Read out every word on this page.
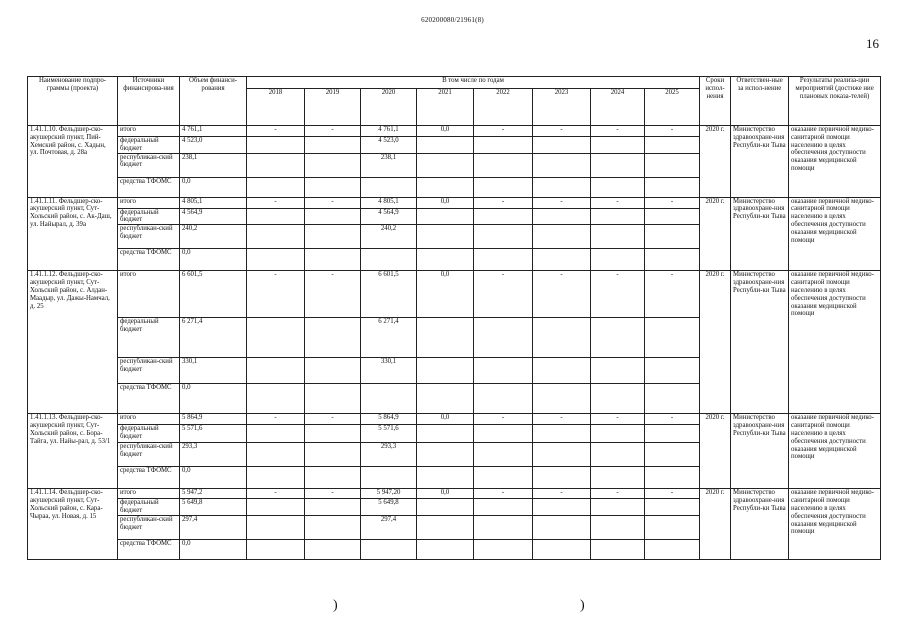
620200080/21961(8)
16
Наименование подпро-граммы (проекта)	Источники финансирова-ния	Объем финанси-рования	В том числе по годам								Сроки испол-нения	Ответствен-ные за испол-нение	Результаты реализа-ции мероприятий (достиже ние плановых показа-телей)
			2018	2019	2020	2021	2022	2023	2024	2025			
1.41.1.10. Фельдшер-ско-акушерский пункт, Пий-Хемский район, с. Хадын, ул. Почтовая, д. 28а	итого	4 761,1	-	-	4 761,1	0,0	-	-	-	-	2020 г.	Министерство здравоохране-ния Республи-ки Тыва	оказание первичной медико-санитарной помощи населению в целях обеспечения доступности оказания медицинской помощи
	федеральный бюджет	4 523,0			4 523,0								
	республикан-ский бюджет	238,1			238,1								
	средства ТФОМС	0,0											
1.41.1.11. Фельдшер-ско-акушерский пункт, Сут-Хольский район, с. Ак-Даш, ул. Найырал, д. 39а	итого	4 805,1	-	-	4 805,1	0,0	-	-	-	-	2020 г.	Министерство здравоохране-ния Республи-ки Тыва	оказание первичной медико-санитарной помощи населению в целях обеспечения доступности оказания медицинской помощи
	федеральный бюджет	4 564,9			4 564,9								
	республикан-ский бюджет	240,2			240,2								
	средства ТФОМС	0,0											
1.41.1.12. Фельдшер-ско-акушерский пункт, Сут-Хольский район, с. Алдан-Маадыр, ул. Дажы-Намчал, д. 25	итого	6 601,5	-	-	6 601,5	0,0	-	-	-	-	2020 г.	Министерство здравоохране-ния Республи-ки Тыва	оказание первичной медико-санитарной помощи населению в целях обеспечения доступности оказания медицинской помощи
	федеральный бюджет	6 271,4			6 271,4								
	республикан-ский бюджет	330,1			330,1								
	средства ТФОМС	0,0											
1.41.1.13. Фельдшер-ско-акушерский пункт, Сут-Хольский район, с. Бора-Тайга, ул. Найы-рал, д. 53/1	итого	5 864,9	-	-	5 864,9	0,0	-	-	-	-	2020 г.	Министерство здравоохране-ния Республи-ки Тыва	оказание первичной медико-санитарной помощи населению в целях обеспечения доступности оказания медицинской помощи
	федеральный бюджет	5 571,6			5 571,6								
	республикан-ский бюджет	293,3			293,3								
	средства ТФОМС	0,0											
1.41.1.14. Фельдшер-ско-акушерский пункт, Сут-Хольский район, с. Кара-Чыраа, ул. Новая, д. 15	итого	5 947,2	-	-	5 947,20	0,0	-	-	-	-	2020 г.	Министерство здравоохране-ния Республи-ки Тыва	оказание первичной медико-санитарной помощи населению в целях обеспечения доступности оказания медицинской помощи
	федеральный бюджет	5 649,8			5 649,8								
	республикан-ский бюджет	297,4			297,4								
	средства ТФОМС	0,0											
)	)
